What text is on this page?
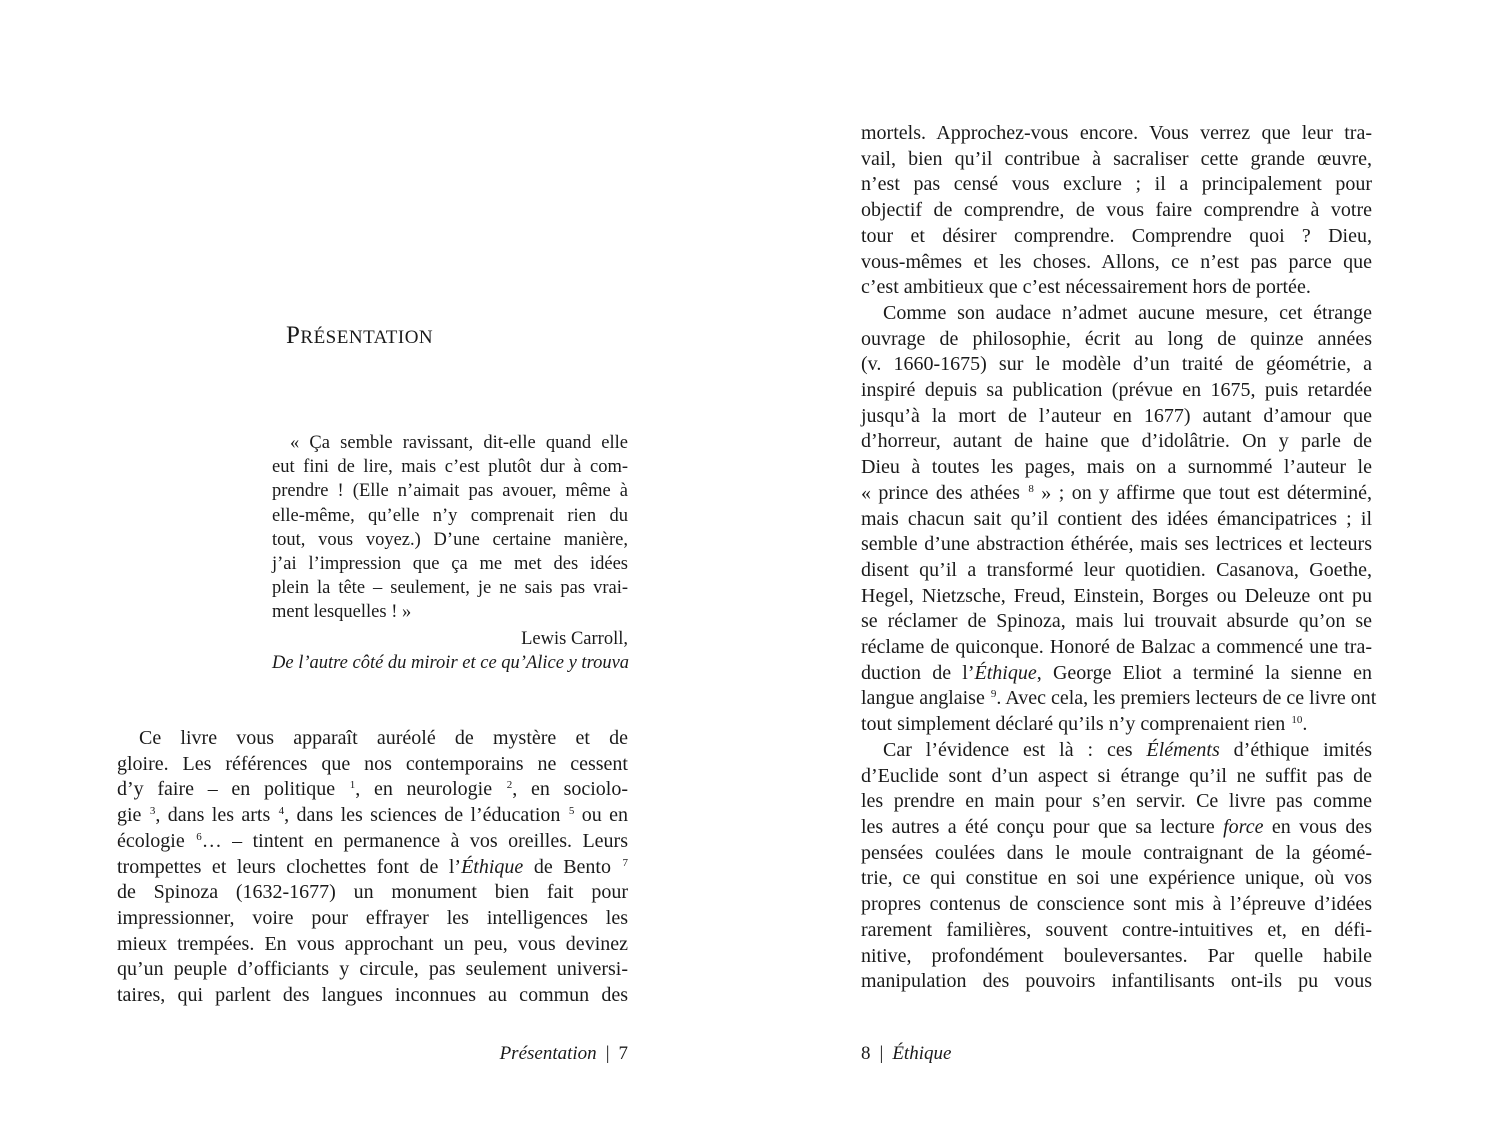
PRÉSENTATION
« Ça semble ravissant, dit-elle quand elle
eut fini de lire, mais c’est plutôt dur à com-
prendre ! (Elle n’aimait pas avouer, même à
elle-même, qu’elle n’y comprenait rien du
tout, vous voyez.) D’une certaine manière,
j’ai l’impression que ça me met des idées
plein la tête – seulement, je ne sais pas vrai-
ment lesquelles ! »
Lewis Carroll,
De l’autre côté du miroir et ce qu’Alice y trouva
Ce livre vous apparaît auréolé de mystère et de
gloire. Les références que nos contemporains ne cessent
d’y faire – en politique $^1$, en neurologie $^2$, en sociolo-
gie $^3$, dans les arts $^4$, dans les sciences de l’éducation $^5$ ou en
écologie $^6$… – tintent en permanence à vos oreilles. Leurs
trompettes et leurs clochettes font de l’Éthique de Bento $^7$
de Spinoza (1632-1677) un monument bien fait pour
impressionner, voire pour effrayer les intelligences les
mieux trempées. En vous approchant un peu, vous devinez
qu’un peuple d’officiants y circule, pas seulement universi-
taires, qui parlent des langues inconnues au commun des
Présentation | 7
mortels. Approchez-vous encore. Vous verrez que leur tra-
vail, bien qu’il contribue à sacraliser cette grande œuvre,
n’est pas censé vous exclure ; il a principalement pour
objectif de comprendre, de vous faire comprendre à votre
tour et désirer comprendre. Comprendre quoi ? Dieu,
vous-mêmes et les choses. Allons, ce n’est pas parce que
c’est ambitieux que c’est nécessairement hors de portée.
Comme son audace n’admet aucune mesure, cet étrange
ouvrage de philosophie, écrit au long de quinze années
(v. 1660-1675) sur le modèle d’un traité de géométrie, a
inspiré depuis sa publication (prévue en 1675, puis retardée
jusqu’à la mort de l’auteur en 1677) autant d’amour que
d’horreur, autant de haine que d’idolâtrie. On y parle de
Dieu à toutes les pages, mais on a surnommé l’auteur le
« prince des athées $^8$ » ; on y affirme que tout est déterminé,
mais chacun sait qu’il contient des idées émancipatrices ; il
semble d’une abstraction éthérée, mais ses lectrices et lecteurs
disent qu’il a transformé leur quotidien. Casanova, Goethe,
Hegel, Nietzsche, Freud, Einstein, Borges ou Deleuze ont pu
se réclamer de Spinoza, mais lui trouvait absurde qu’on se
réclame de quiconque. Honoré de Balzac a commencé une tra-
duction de l’Éthique, George Eliot a terminé la sienne en
langue anglaise $^9$. Avec cela, les premiers lecteurs de ce livre ont
tout simplement déclaré qu’ils n’y comprenaient rien $^{10}$.
Car l’évidence est là : ces Éléments d’éthique imités
d’Euclide sont d’un aspect si étrange qu’il ne suffit pas de
les prendre en main pour s’en servir. Ce livre pas comme
les autres a été conçu pour que sa lecture force en vous des
pensées coulées dans le moule contraignant de la géomé-
trie, ce qui constitue en soi une expérience unique, où vos
propres contenus de conscience sont mis à l’épreuve d’idées
rarement familières, souvent contre-intuitives et, en défi-
nitive, profondément bouleversantes. Par quelle habile
manipulation des pouvoirs infantilisants ont-ils pu vous
8 | Éthique
